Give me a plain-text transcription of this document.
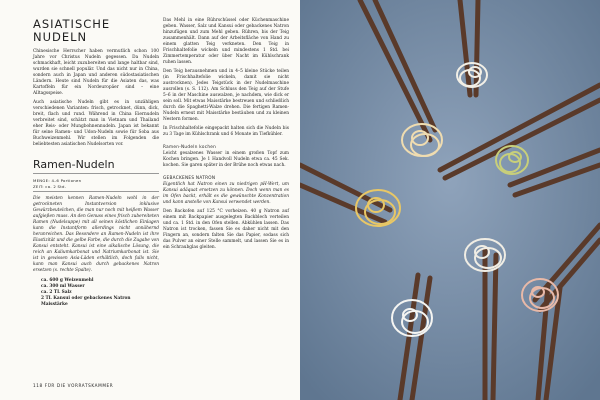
ASIATISCHE NUDELN

Chinesische Herrscher haben vermutlich schon 100 Jahre vor Christus Nudeln gegessen. Da Nudeln schmackhaft, leicht zuzubereiten und lange haltbar sind, wurden sie schnell populär. Und das nicht nur in China, sondern auch in Japan und anderen südostasiatischen Ländern. Heute sind Nudeln für die Asiaten das, was Kartoffeln für ein Nordeuropäer sind – eine Alltagsspeise.

Auch asiatische Nudeln gibt es in unzähligen verschiedenen Varianten: frisch, getrocknet, dünn, dick, breit, flach und rund. Während in China Eiernudeln verbreitet sind, schätzt man in Vietnam und Thailand eher Reis- oder Mungbohnennudeln. Japan ist bekannt für seine Ramen- und Udon-Nudeln sowie für Soba aus Buchweizenmehl. Wir stellen im Folgenden die beliebtesten asiatischen Nudelsorten vor.

Ramen-Nudeln
MENGE: 4–6 Portionen
ZEIT: ca. 2 Std.

Die meisten kennen Ramen-Nudeln wohl in der getrockneten Instantversion inklusive Gewürzbeutelchen, die man nur noch mit heißem Wasser aufgießen muss. An den Genuss eines frisch zubereiteten Ramen (Nudelsuppe) mit all seinen köstlichen Einlagen kann die Instantform allerdings nicht annähernd heranreichen. Das Besondere an Ramen-Nudeln ist ihre Elastizität und die gelbe Farbe, die durch die Zugabe von Kansui entsteht. Kansui ist eine alkalische Lösung, die reich an Kaliumkarbonat und Natriumkarbonat ist. Sie ist in gewissen Asia-Läden erhältlich, doch falls nicht, kann man Kansui auch durch gebackenes Natron ersetzen (s. rechte Spalte).

ca. 600 g Weizenmehl
ca. 300 ml Wasser
ca. 2 TL Salz
2 TL Kansui oder gebackenes Natron
Maisstärke

Das Mehl in eine Rührschüssel oder Küchenmaschine geben. Wasser, Salz und Kansui oder gebackenes Natron hinzufügen und zum Mehl geben. Rühren, bis der Teig zusammenhält. Dann auf der Arbeitsfläche von Hand zu einem glatten Teig verkneten. Den Teig in Frischhaltefolie wickeln und mindestens 1 Std. bei Zimmertemperatur oder über Nacht im Kühlschrank ruhen lassen.

Den Teig herausnehmen und in 4–5 kleine Stücke teilen (in Frischhaltefolie wickeln, damit sie nicht austrocknen). Jedes Teigstück in der Nudelmaschine ausrollen (s. S. 112). Am Schluss den Teig auf der Stufe 5–6 in der Maschine auswalzen, je nachdem, wie dick er sein soll. Mit etwas Maisstärke bestreuen und schließlich durch die Spaghetti-Walze drehen. Die fertigen Ramen-Nudeln erneut mit Maisstärke bestäuben und zu kleinen Nestern formen.

In Frischhaltefolie eingepackt halten sich die Nudeln bis zu 3 Tage im Kühlschrank und 6 Monate im Tiefkühler.

Ramen-Nudeln kochen

Leicht gesalzenes Wasser in einem großen Topf zum Kochen bringen. Je 1 Handvoll Nudeln etwa ca. 45 Sek. kochen. Sie garen später in der Brühe noch etwas nach.

GEBACKENES NATRON

Eigentlich hat Natron einen zu niedrigen pH-Wert, um Kansui adäquat ersetzen zu können. Doch wenn man es im Ofen backt, erhält es die gewünschte Konzentration und kann anstelle von Kansui verwendet werden.

Den Backofen auf 125 °C vorheizen. 40 g Natron auf einem mit Backpapier ausgelegten Backblech verteilen und ca. 1 Std. in den Ofen stellen. Abkühlen lassen. Das Natron ist trocken, fassen Sie es daher nicht mit den Fingern an, sondern falten Sie das Papier, sodass sich das Pulver an einer Stelle sammelt, und lassen Sie es in ein Schraubglas gleiten.

118 FÜR DIE VORRATSKAMMER
